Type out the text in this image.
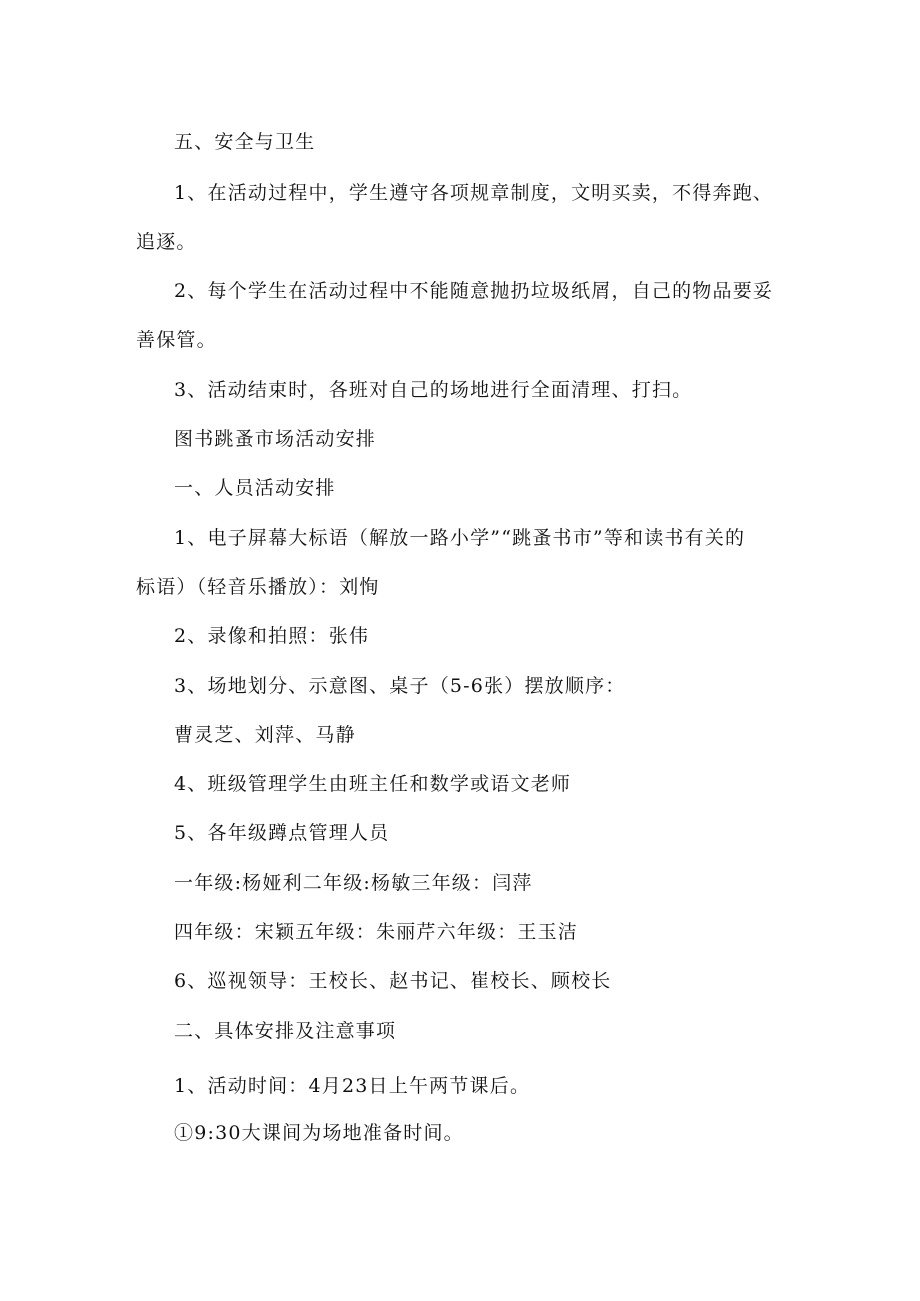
五、安全与卫生
1、在活动过程中，学生遵守各项规章制度，文明买卖，不得奔跑、
追逐。
2、每个学生在活动过程中不能随意抛扔垃圾纸屑，自己的物品要妥
善保管。
3、活动结束时，各班对自己的场地进行全面清理、打扫。
图书跳蚤市场活动安排
一、人员活动安排
1、电子屏幕大标语（解放一路小学”“跳蚤书市”等和读书有关的
标语）（轻音乐播放）：刘恂
2、录像和拍照：张伟
3、场地划分、示意图、桌子（5-6张）摆放顺序：
曹灵芝、刘萍、马静
4、班级管理学生由班主任和数学或语文老师
5、各年级蹲点管理人员
一年级:杨娅利二年级:杨敏三年级：闫萍
四年级：宋颖五年级：朱丽芹六年级：王玉洁
6、巡视领导：王校长、赵书记、崔校长、顾校长
二、具体安排及注意事项
1、活动时间：4月23日上午两节课后。
①9:30大课间为场地准备时间。
